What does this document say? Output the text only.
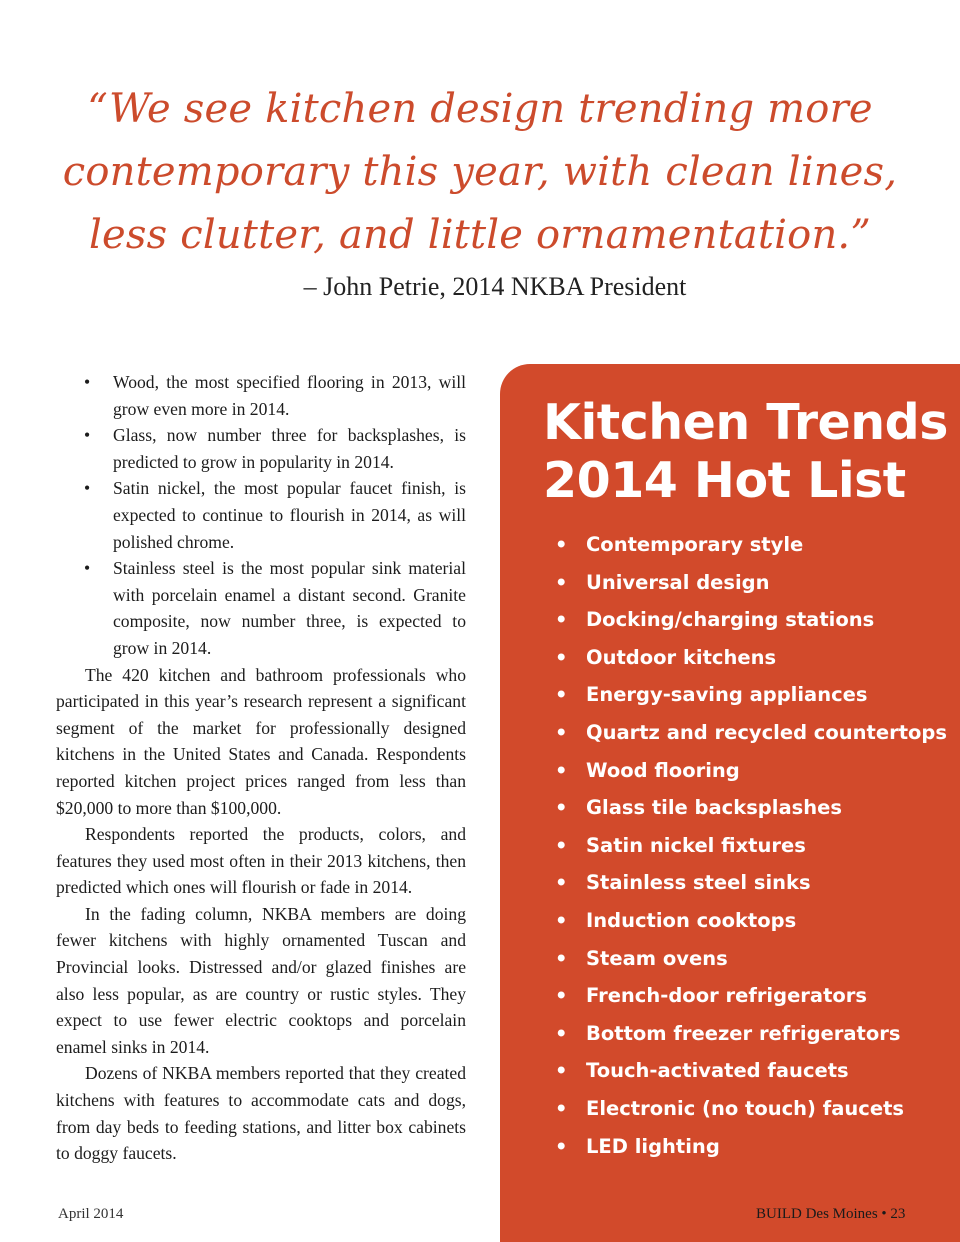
“We see kitchen design trending more

contemporary this year, with clean lines,

less clutter, and little ornamentation.”

– John Petrie, 2014 NKBA President
• Wood, the most specified flooring in 2013, will grow even more in 2014.
• Glass, now number three for backsplashes, is predicted to grow in popularity in 2014.
• Satin nickel, the most popular faucet finish, is expected to continue to flourish in 2014, as will polished chrome.
• Stainless steel is the most popular sink material with porcelain enamel a distant second. Granite composite, now number three, is expected to grow in 2014.

The 420 kitchen and bathroom professionals who participated in this year’s research represent a significant segment of the market for professionally designed kitchens in the United States and Canada. Respondents reported kitchen project prices ranged from less than $20,000 to more than $100,000.

Respondents reported the products, colors, and features they used most often in their 2013 kitchens, then predicted which ones will flourish or fade in 2014.

In the fading column, NKBA members are doing fewer kitchens with highly ornamented Tuscan and Provincial looks. Distressed and/or glazed finishes are also less popular, as are country or rustic styles. They expect to use fewer electric cooktops and porcelain enamel sinks in 2014.

Dozens of NKBA members reported that they created kitchens with features to accommodate cats and dogs, from day beds to feeding stations, and litter box cabinets to doggy faucets.

Kitchen Trends
2014 Hot List
• Contemporary style
• Universal design
• Docking/charging stations
• Outdoor kitchens
• Energy-saving appliances
• Quartz and recycled countertops
• Wood flooring
• Glass tile backsplashes
• Satin nickel fixtures
• Stainless steel sinks
• Induction cooktops
• Steam ovens
• French-door refrigerators
• Bottom freezer refrigerators
• Touch-activated faucets
• Electronic (no touch) faucets
• LED lighting
April 2014	BUILD Des Moines • 23
